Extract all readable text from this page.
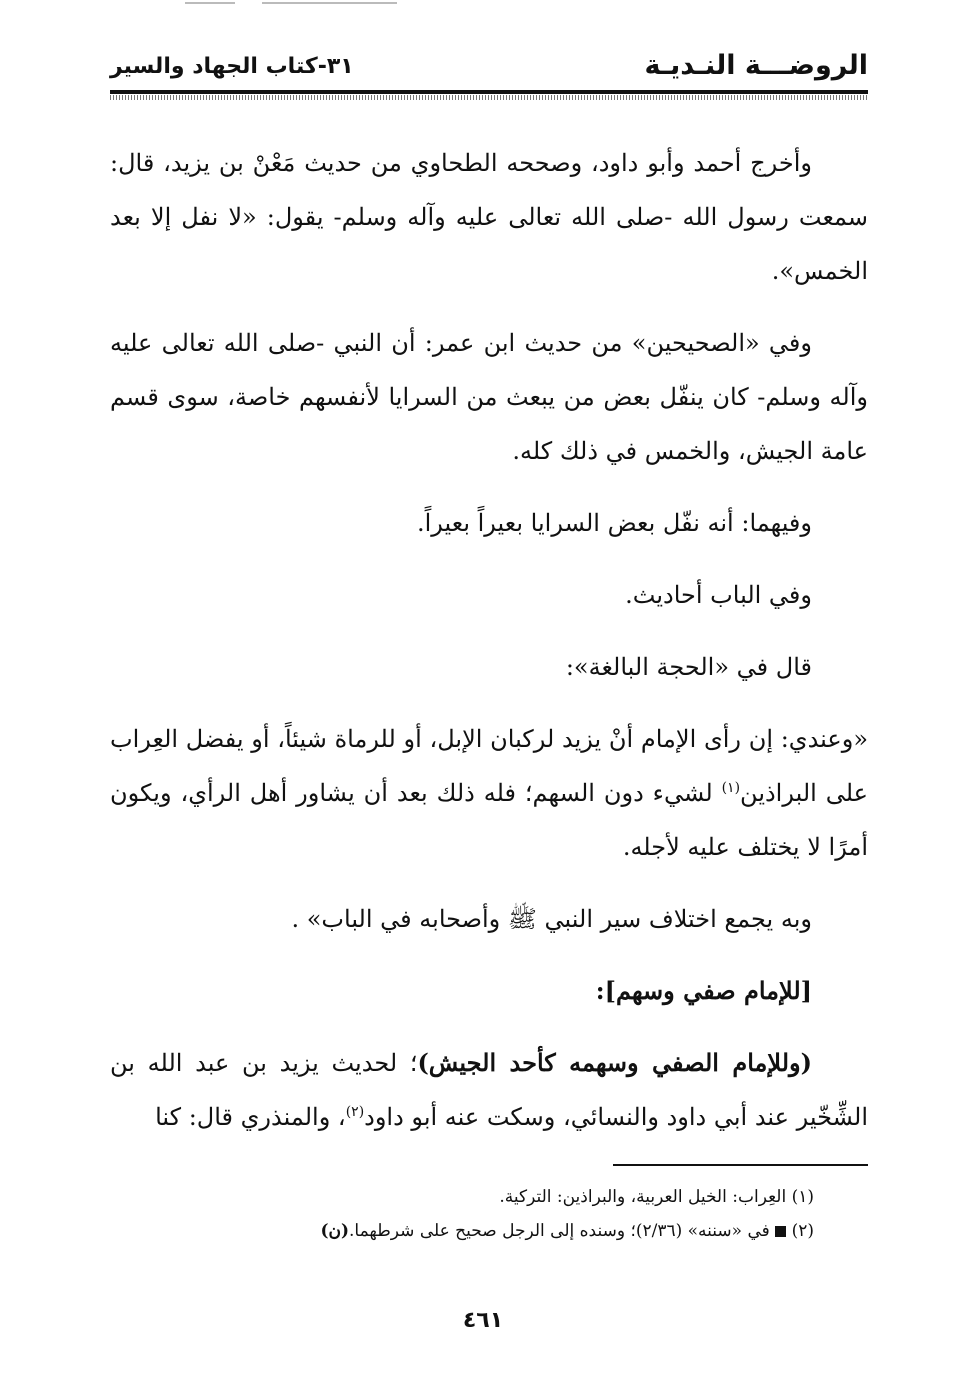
الروضـــة النـديـة
٣١-كتاب الجهاد والسير

وأخرج أحمد وأبو داود، وصححه الطحاوي من حديث مَعْنْ بن يزيد، قال: سمعت رسول الله -صلى الله تعالى عليه وآله وسلم- يقول: «لا نفل إلا بعد الخمس».

وفي «الصحيحين» من حديث ابن عمر: أن النبي -صلى الله تعالى عليه وآله وسلم- كان ينفّل بعض من يبعث من السرايا لأنفسهم خاصة، سوى قسم عامة الجيش، والخمس في ذلك كله.

وفيهما: أنه نفّل بعض السرايا بعيراً بعيراً.

وفي الباب أحاديث.

قال في «الحجة البالغة»:

«وعندي: إن رأى الإمام أنْ يزيد لركبان الإبل، أو للرماة شيئاً، أو يفضل العِراب على البراذين$^{(١)}$ لشيء دون السهم؛ فله ذلك بعد أن يشاور أهل الرأي، ويكون أمرًا لا يختلف عليه لأجله.

وبه يجمع اختلاف سير النبي ﷺ وأصحابه في الباب» .

[للإمام صفي وسهم]:

(وللإمام الصفي وسهمه كأحد الجيش)؛ لحديث يزيد بن عبد الله بن الشِّخّير عند أبي داود والنسائي، وسكت عنه أبو داود$^{(٢)}$، والمنذري قال: كنا

(١) العِراب: الخيل العربية، والبراذين: التركية.

(٢)  في «سننه» (٢/٣٦)؛ وسنده إلى الرجل صحيح على شرطهما.(ن)

٤٦١
